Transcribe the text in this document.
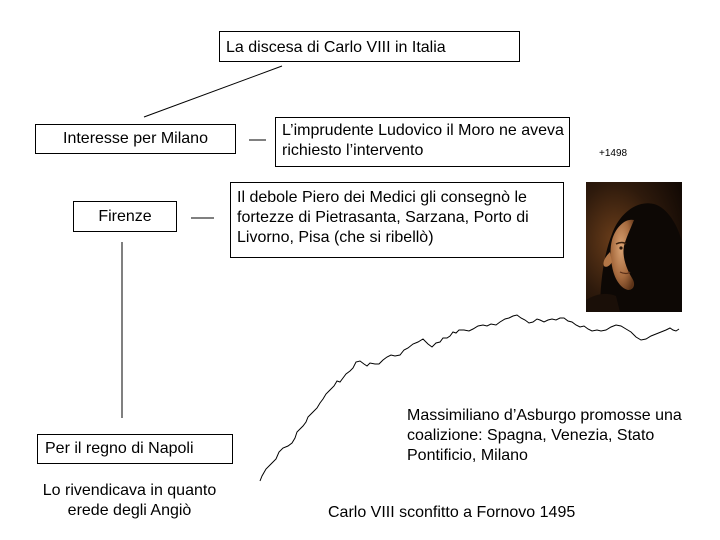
La discesa di Carlo VIII in Italia
Interesse per Milano	L’imprudente Ludovico il Moro ne aveva richiesto l’intervento
Firenze
Il debole Piero dei Medici gli consegnò le fortezze di Pietrasanta, Sarzana, Porto di Livorno, Pisa (che si ribellò)
Per il regno di Napoli
Lo rivendicava in quanto erede degli Angiò
Massimiliano d’Asburgo promosse una coalizione: Spagna, Venezia, Stato Pontificio, Milano
Carlo VIII sconfitto a Fornovo 1495
+1498
